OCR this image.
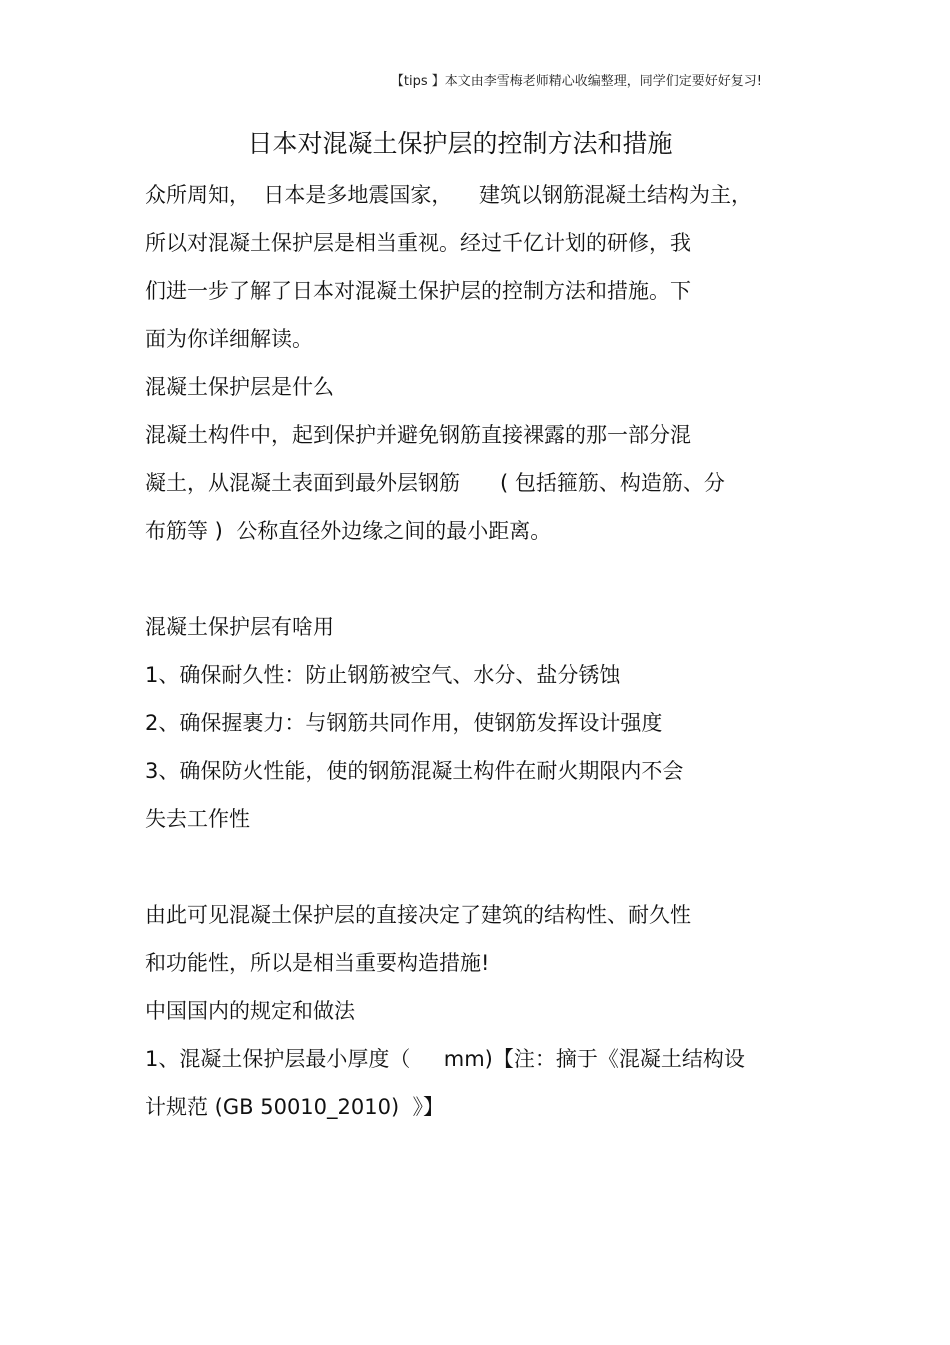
【tips 】本文由李雪梅老师精心收编整理，同学们定要好好复习!
日本对混凝土保护层的控制方法和措施
众所周知，  日本是多地震国家，    建筑以钢筋混凝土结构为主，
所以对混凝土保护层是相当重视。经过千亿计划的研修，我
们进一步了解了日本对混凝土保护层的控制方法和措施。下
面为你详细解读。
混凝土保护层是什么
混凝土构件中，起到保护并避免钢筋直接裸露的那一部分混
凝土，从混凝土表面到最外层钢筋      ( 包括箍筋、构造筋、分
布筋等 )  公称直径外边缘之间的最小距离。
混凝土保护层有啥用
1、确保耐久性：防止钢筋被空气、水分、盐分锈蚀
2、确保握裹力：与钢筋共同作用，使钢筋发挥设计强度
3、确保防火性能，使的钢筋混凝土构件在耐火期限内不会
失去工作性
由此可见混凝土保护层的直接决定了建筑的结构性、耐久性
和功能性，所以是相当重要构造措施!
中国国内的规定和做法
1、混凝土保护层最小厚度（     mm)【注：摘于《混凝土结构设
计规范 (GB 50010_2010)  》】
